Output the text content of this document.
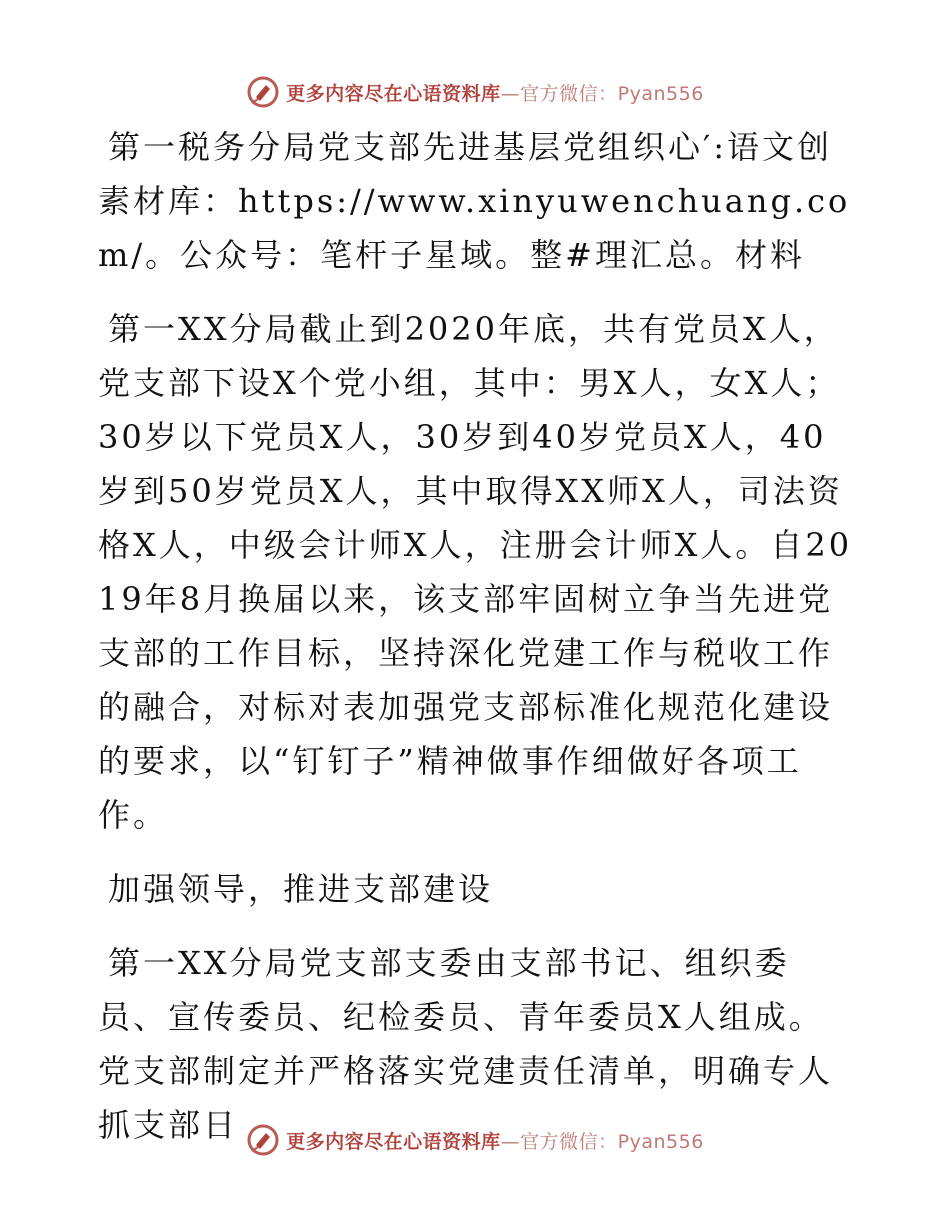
更多内容尽在心语资料库—官方微信：Pyan556

第一税务分局党支部先进基层党组织心′:语文创素材库：https://www.xinyuwenchuang.com/。公众号：笔杆子星域。整#理汇总。材料

第一XX分局截止到2020年底，共有党员X人，党支部下设X个党小组，其中：男X人，女X人；30岁以下党员X人，30岁到40岁党员X人，40岁到50岁党员X人，其中取得XX师X人，司法资格X人，中级会计师X人，注册会计师X人。自2019年8月换届以来，该支部牢固树立争当先进党支部的工作目标，坚持深化党建工作与税收工作的融合，对标对表加强党支部标准化规范化建设的要求，以“钉钉子”精神做事作细做好各项工作。

加强领导，推进支部建设

第一XX分局党支部支委由支部书记、组织委员、宣传委员、纪检委员、青年委员X人组成。党支部制定并严格落实党建责任清单，明确专人抓支部日	更多内容尽在心语资料库—官方微信：Pyan556
